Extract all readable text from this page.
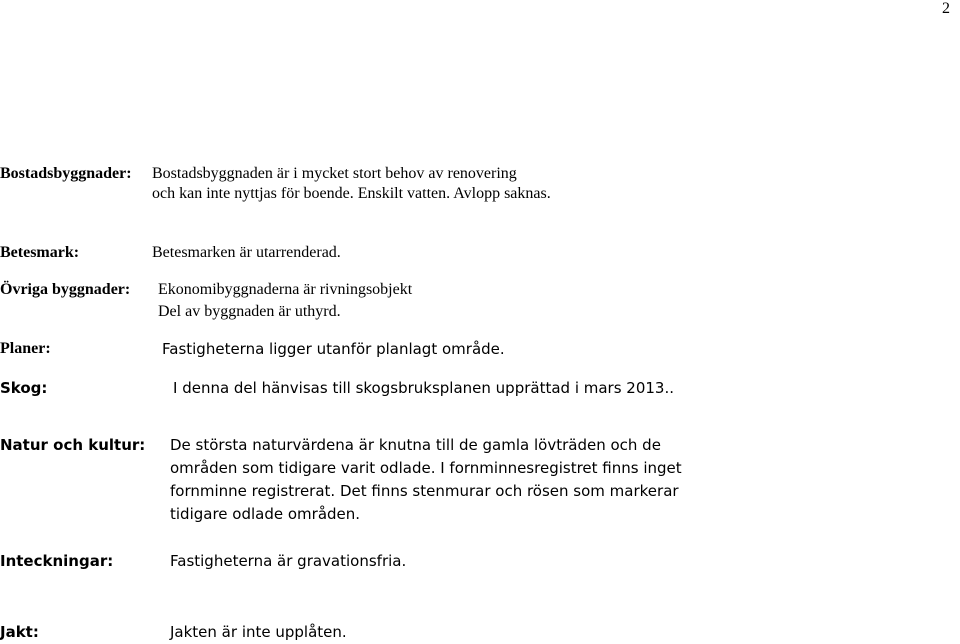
2
Bostadsbyggnader: Bostadsbyggnaden är i mycket stort behov av renovering
och kan inte nyttjas för boende. Enskilt vatten. Avlopp saknas.
Betesmark:	Betesmarken är utarrenderad.
Övriga byggnader: Ekonomibyggnaderna är rivningsobjekt
Del av byggnaden är uthyrd.
Planer:	Fastigheterna ligger utanför planlagt område.
Skog:	I denna del hänvisas till skogsbruksplanen upprättad i mars 2013..
Natur och kultur: De största naturvärdena är knutna till de gamla lövträden och de
områden som tidigare varit odlade. I fornminnesregistret finns inget
fornminne registrerat. Det finns stenmurar och rösen som markerar
tidigare odlade områden.
Inteckningar:	Fastigheterna är gravationsfria.
Jakt:	Jakten är inte upplåten.
